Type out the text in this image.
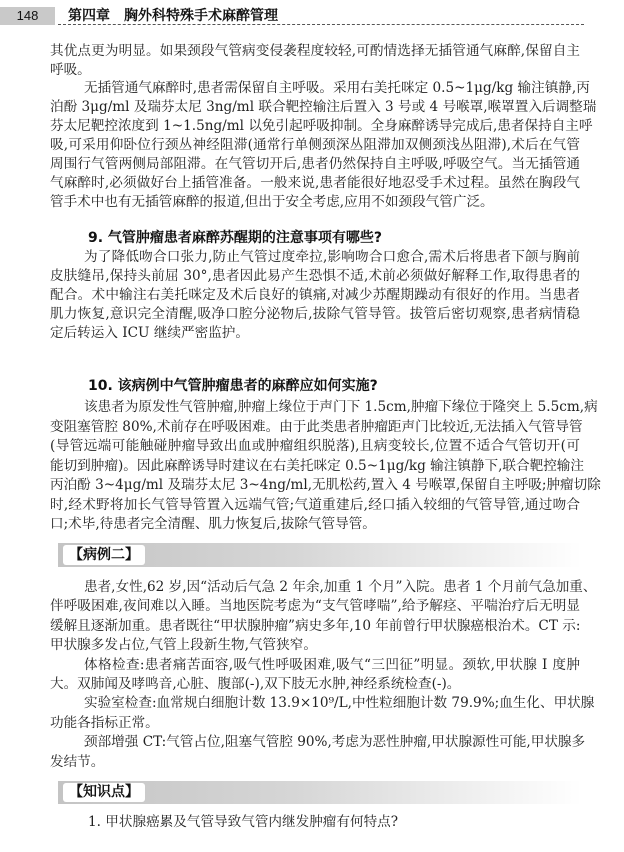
148	第四章　胸外科特殊手术麻醉管理
其优点更为明显。如果颈段气管病变侵袭程度较轻,可酌情选择无插管通气麻醉,保留自主
呼吸。
无插管通气麻醉时,患者需保留自主呼吸。采用右美托咪定 0.5~1μg/kg 输注镇静,丙
泊酚 3μg/ml 及瑞芬太尼 3ng/ml 联合靶控输注后置入 3 号或 4 号喉罩,喉罩置入后调整瑞
芬太尼靶控浓度到 1~1.5ng/ml 以免引起呼吸抑制。全身麻醉诱导完成后,患者保持自主呼
吸,可采用仰卧位行颈丛神经阻滞(通常行单侧颈深丛阻滞加双侧颈浅丛阻滞),术后在气管
周围行气管两侧局部阻滞。在气管切开后,患者仍然保持自主呼吸,呼吸空气。当无插管通
气麻醉时,必须做好台上插管准备。一般来说,患者能很好地忍受手术过程。虽然在胸段气
管手术中也有无插管麻醉的报道,但出于安全考虑,应用不如颈段气管广泛。
9. 气管肿瘤患者麻醉苏醒期的注意事项有哪些?
为了降低吻合口张力,防止气管过度牵拉,影响吻合口愈合,需术后将患者下颌与胸前
皮肤缝吊,保持头前屈 30°,患者因此易产生恐惧不适,术前必须做好解释工作,取得患者的
配合。术中输注右美托咪定及术后良好的镇痛,对减少苏醒期躁动有很好的作用。当患者
肌力恢复,意识完全清醒,吸净口腔分泌物后,拔除气管导管。拔管后密切观察,患者病情稳
定后转运入 ICU 继续严密监护。
10. 该病例中气管肿瘤患者的麻醉应如何实施?
该患者为原发性气管肿瘤,肿瘤上缘位于声门下 1.5cm,肿瘤下缘位于隆突上 5.5cm,病
变阻塞管腔 80%,术前存在呼吸困难。由于此类患者肿瘤距声门比较近,无法插入气管导管
(导管远端可能触碰肿瘤导致出血或肿瘤组织脱落),且病变较长,位置不适合气管切开(可
能切到肿瘤)。因此麻醉诱导时建议在右美托咪定 0.5~1μg/kg 输注镇静下,联合靶控输注
丙泊酚 3~4μg/ml 及瑞芬太尼 3~4ng/ml,无肌松药,置入 4 号喉罩,保留自主呼吸;肿瘤切除
时,经术野将加长气管导管置入远端气管;气道重建后,经口插入较细的气管导管,通过吻合
口;术毕,待患者完全清醒、肌力恢复后,拔除气管导管。
【病例二】
患者,女性,62 岁,因“活动后气急 2 年余,加重 1 个月”入院。患者 1 个月前气急加重、
伴呼吸困难,夜间难以入睡。当地医院考虑为“支气管哮喘”,给予解痉、平喘治疗后无明显
缓解且逐渐加重。患者既往“甲状腺肿瘤”病史多年,10 年前曾行甲状腺癌根治术。CT 示:
甲状腺多发占位,气管上段新生物,气管狭窄。
体格检查:患者痛苦面容,吸气性呼吸困难,吸气“三凹征”明显。颈软,甲状腺 Ⅰ 度肿
大。双肺闻及哮鸣音,心脏、腹部(-),双下肢无水肿,神经系统检查(-)。
实验室检查:血常规白细胞计数 13.9×10⁹/L,中性粒细胞计数 79.9%;血生化、甲状腺
功能各指标正常。
颈部增强 CT:气管占位,阻塞气管腔 90%,考虑为恶性肿瘤,甲状腺源性可能,甲状腺多
发结节。
【知识点】
1. 甲状腺癌累及气管导致气管内继发肿瘤有何特点?
